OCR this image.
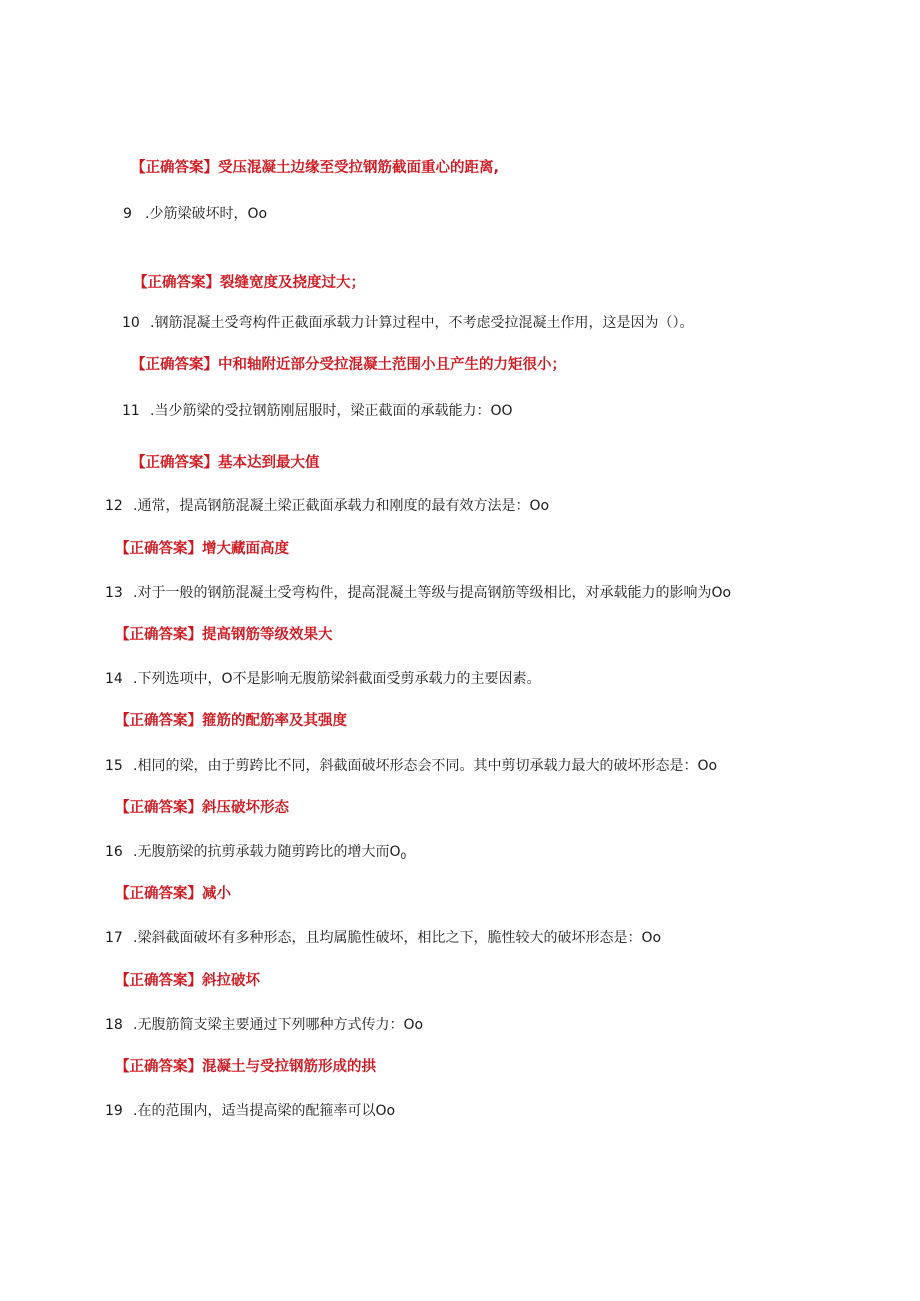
【正确答案】受压混凝土边缘至受拉钢筋截面重心的距离,
9 .少筋梁破坏时，Oo
【正确答案】裂缝宽度及挠度过大；
10 .钢筋混凝土受弯构件正截面承载力计算过程中，不考虑受拉混凝土作用，这是因为（）。
【正确答案】中和轴附近部分受拉混凝土范围小且产生的力矩很小；
11 .当少筋梁的受拉钢筋刚屈服时，梁正截面的承载能力：OO
【正确答案】基本达到最大值
12 .通常，提高钢筋混凝土梁正截面承载力和刚度的最有效方法是：Oo
【正确答案】增大藏面高度
13 .对于一般的钢筋混凝土受弯构件，提高混凝土等级与提高钢筋等级相比，对承载能力的影响为Oo
【正确答案】提高钢筋等级效果大
14 .下列选项中，O不是影响无腹筋梁斜截面受剪承载力的主要因素。
【正确答案】箍筋的配筋率及其强度
15 .相同的梁，由于剪跨比不同，斜截面破坏形态会不同。其中剪切承载力最大的破坏形态是：Oo
【正确答案】斜压破坏形态
16 .无腹筋梁的抗剪承载力随剪跨比的增大而$O_0$
【正确答案】减小
17 .梁斜截面破坏有多种形态，且均属脆性破坏，相比之下，脆性较大的破坏形态是：Oo
【正确答案】斜拉破坏
18 .无腹筋简支梁主要通过下列哪种方式传力：Oo
【正确答案】混凝土与受拉钢筋形成的拱
19 .在的范围内，适当提高梁的配箍率可以Oo
